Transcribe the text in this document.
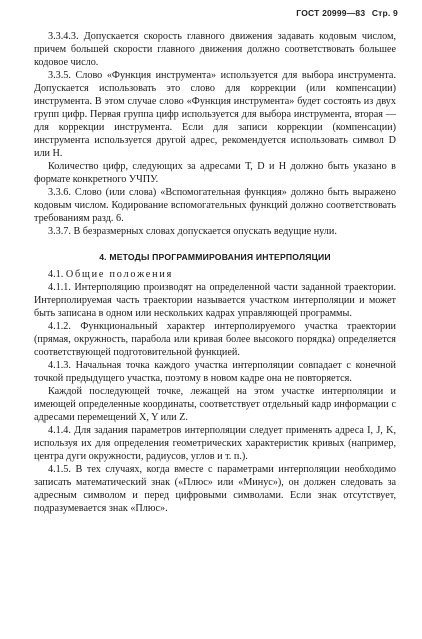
ГОСТ 20999—83 Стр. 9

3.3.4.3. Допускается скорость главного движения задавать кодовым числом, причем большей скорости главного движения должно соответствовать большее кодовое число.

3.3.5. Слово «Функция инструмента» используется для выбора инструмента. Допускается использовать это слово для коррекции (или компенсации) инструмента. В этом случае слово «Функция инструмента» будет состоять из двух групп цифр. Первая группа цифр используется для выбора инструмента, вторая — для коррекции инструмента. Если для записи коррекции (компенсации) инструмента используется другой адрес, рекомендуется использовать символ D или Н.

Количество цифр, следующих за адресами Т, D и Н должно быть указано в формате конкретного УЧПУ.

3.3.6. Слово (или слова) «Вспомогательная функция» должно быть выражено кодовым числом. Кодирование вспомогательных функций должно соответствовать требованиям разд. 6.

3.3.7. В безразмерных словах допускается опускать ведущие нули.

4. МЕТОДЫ ПРОГРАММИРОВАНИЯ ИНТЕРПОЛЯЦИИ

4.1. Общие положения

4.1.1. Интерполяцию производят на определенной части заданной траектории. Интерполируемая часть траектории называется участком интерполяции и может быть записана в одном или нескольких кадрах управляющей программы.

4.1.2. Функциональный характер интерполируемого участка траектории (прямая, окружность, парабола или кривая более высокого порядка) определяется соответствующей подготовительной функцией.

4.1.3. Начальная точка каждого участка интерполяции совпадает с конечной точкой предыдущего участка, поэтому в новом кадре она не повторяется.

Каждой последующей точке, лежащей на этом участке интерполяции и имеющей определенные координаты, соответствует отдельный кадр информации с адресами перемещений X, Y или Z.

4.1.4. Для задания параметров интерполяции следует применять адреса I, J, K, используя их для определения геометрических характеристик кривых (например, центра дуги окружности, радиусов, углов и т. п.).

4.1.5. В тех случаях, когда вместе с параметрами интерполяции необходимо записать математический знак («Плюс» или «Минус»), он должен следовать за адресным символом и перед цифровыми символами. Если знак отсутствует, подразумевается знак «Плюс».
